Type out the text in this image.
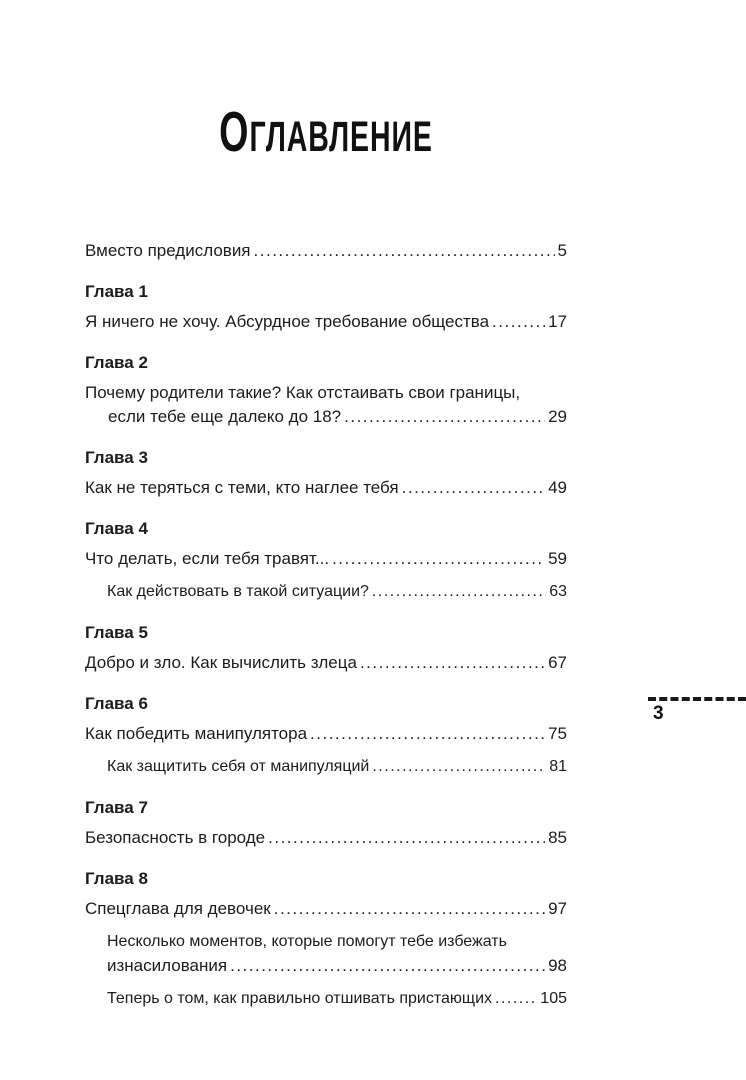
ОГЛАВЛЕНИЕ
Вместо предисловия .....	5
Глава 1
Я ничего не хочу. Абсурдное требование общества .....	17
Глава 2
Почему родители такие? Как отстаивать свои границы,
если тебе еще далеко до 18? .....	29
Глава 3
Как не теряться с теми, кто наглее тебя .....	49
Глава 4
Что делать, если тебя травят... .....	59
Как действовать в такой ситуации? .....	63
Глава 5
Добро и зло. Как вычислить злеца .....	67
Глава 6
Как победить манипулятора .....	75
Как защитить себя от манипуляций .....	81
Глава 7
Безопасность в городе .....	85
Глава 8
Спецглава для девочек .....	97
Несколько моментов, которые помогут тебе избежать
изнасилования .....	98
Теперь о том, как правильно отшивать пристающих .....	105
3
